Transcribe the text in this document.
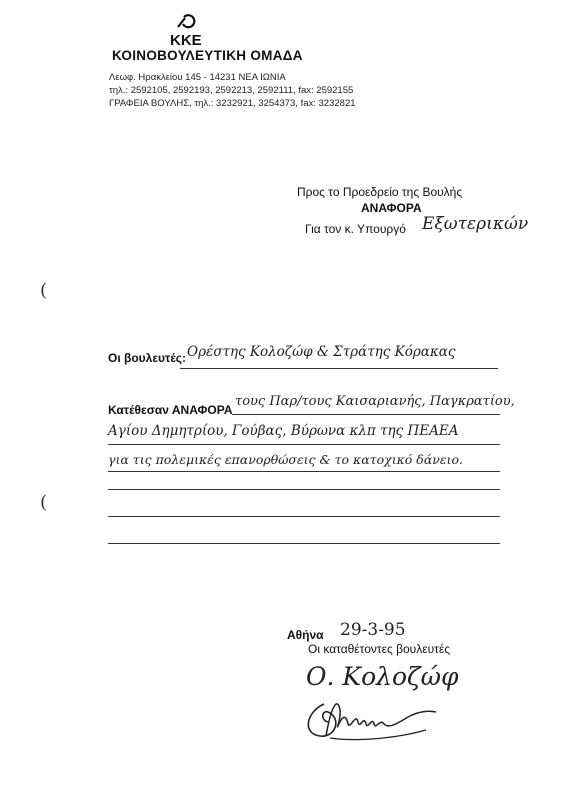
KKE
ΚΟΙΝΟΒΟΥΛΕΥΤΙΚΗ ΟΜΑΔΑ
Λεωφ. Ηρακλείου 145 - 14231 ΝΕΑ ΙΩΝΙΑ
τηλ.: 2592105, 2592193, 2592213, 2592111, fax: 2592155
ΓΡΑΦΕΙΑ ΒΟΥΛΗΣ, τηλ.: 3232921, 3254373, fax: 3232821
Προς το Προεδρείο της Βουλής
ΑΝΑΦΟΡΑ
Για τον κ. Υπουργό Εξωτερικών
(
(
Οι βουλευτές: Ορέστης Κολοζώφ & Στράτης Κόρακας
Κατέθεσαν ΑΝΑΦΟΡΑ
τους Παρ/τους Καισαριανής, Παγκρατίου,
Αγίου Δημητρίου, Γούβας, Βύρωνα κλπ της ΠΕΑΕΑ
για τις πολεμικές επανορθώσεις & το κατοχικό δάνειο.
Αθήνα 29-3-95
Οι καταθέτοντες βουλευτές
Ο. Κολοζώφ
